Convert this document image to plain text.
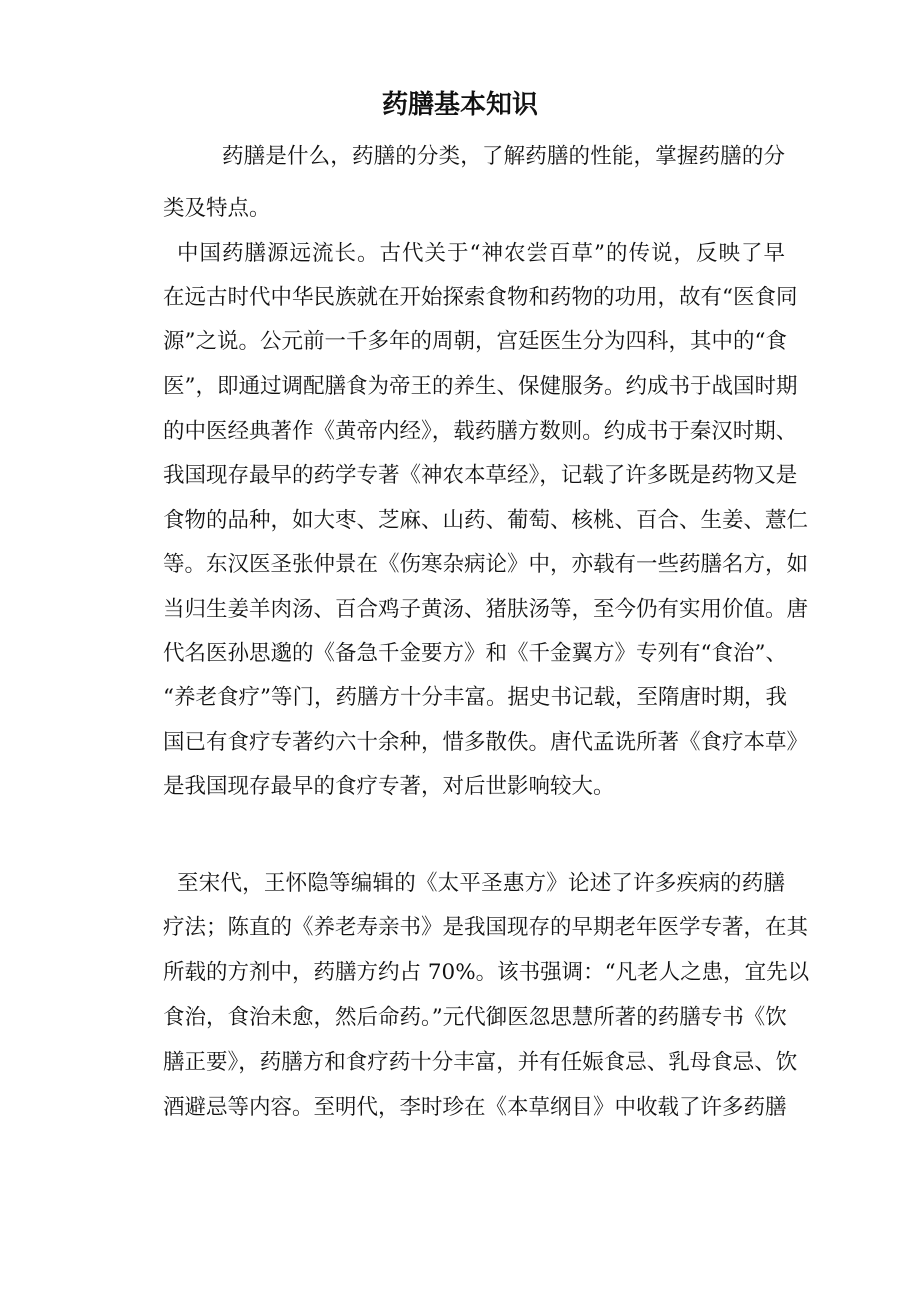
药膳基本知识
药膳是什么，药膳的分类，了解药膳的性能，掌握药膳的分
类及特点。
中国药膳源远流长。古代关于“神农尝百草”的传说，反映了早
在远古时代中华民族就在开始探索食物和药物的功用，故有“医食同
源”之说。公元前一千多年的周朝，宫廷医生分为四科，其中的“食
医”，即通过调配膳食为帝王的养生、保健服务。约成书于战国时期
的中医经典著作《黄帝内经》，载药膳方数则。约成书于秦汉时期、
我国现存最早的药学专著《神农本草经》，记载了许多既是药物又是
食物的品种，如大枣、芝麻、山药、葡萄、核桃、百合、生姜、薏仁
等。东汉医圣张仲景在《伤寒杂病论》中，亦载有一些药膳名方，如
当归生姜羊肉汤、百合鸡子黄汤、猪肤汤等，至今仍有实用价值。唐
代名医孙思邈的《备急千金要方》和《千金翼方》专列有“食治”、
“养老食疗”等门，药膳方十分丰富。据史书记载，至隋唐时期，我
国已有食疗专著约六十余种，惜多散佚。唐代孟诜所著《食疗本草》
是我国现存最早的食疗专著，对后世影响较大。
至宋代，王怀隐等编辑的《太平圣惠方》论述了许多疾病的药膳
疗法；陈直的《养老寿亲书》是我国现存的早期老年医学专著，在其
所载的方剂中，药膳方约占 70%。该书强调：“凡老人之患，宜先以
食治，食治未愈，然后命药。”元代御医忽思慧所著的药膳专书《饮
膳正要》，药膳方和食疗药十分丰富，并有任娠食忌、乳母食忌、饮
酒避忌等内容。至明代，李时珍在《本草纲目》中收载了许多药膳
